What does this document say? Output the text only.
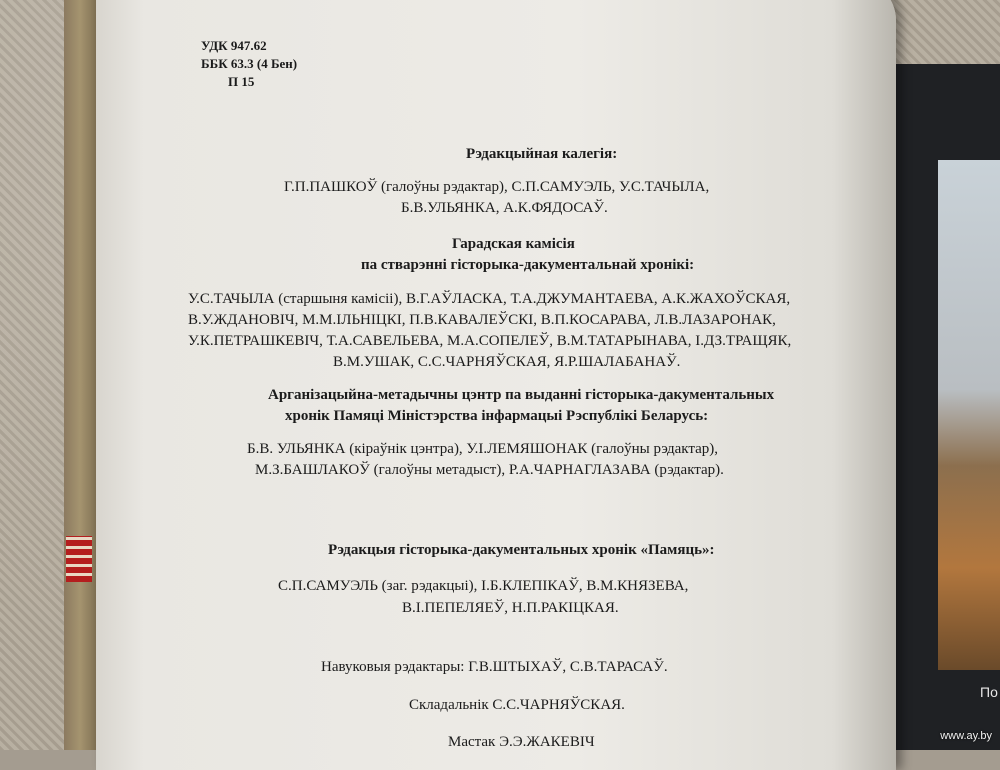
По
УДК 947.62
ББК 63.3 (4 Бен)
П 15
Рэдакцыйная калегія:
Г.П.ПАШКОЎ (галоўны рэдактар), С.П.САМУЭЛЬ, У.С.ТАЧЫЛА,
Б.В.УЛЬЯНКА, А.К.ФЯДОСАЎ.
Гарадская камісія
па стварэнні гісторыка-дакументальнай хронікі:
У.С.ТАЧЫЛА (старшыня камісіі), В.Г.АЎЛАСКА, Т.А.ДЖУМАНТАЕВА, А.К.ЖАХОЎСКАЯ,
В.У.ЖДАНОВІЧ, М.М.ІЛЬНІЦКІ, П.В.КАВАЛЕЎСКІ, В.П.КОСАРАВА, Л.В.ЛАЗАРОНАК,
У.К.ПЕТРАШКЕВІЧ, Т.А.САВЕЛЬЕВА, М.А.СОПЕЛЕЎ, В.М.ТАТАРЫНАВА, І.ДЗ.ТРАЩЯК,
В.М.УШАК, С.С.ЧАРНЯЎСКАЯ, Я.Р.ШАЛАБАНАЎ.
Арганізацыйна-метадычны цэнтр па выданні гісторыка-дакументальных
хронік Памяці Міністэрства інфармацыі Рэспублікі Беларусь:
Б.В. УЛЬЯНКА (кіраўнік цэнтра), У.І.ЛЕМЯШОНАК (галоўны рэдактар),
М.З.БАШЛАКОЎ (галоўны метадыст), Р.А.ЧАРНАГЛАЗАВА (рэдактар).
Рэдакцыя гісторыка-дакументальных хронік «Памяць»:
С.П.САМУЭЛЬ (заг. рэдакцыі), І.Б.КЛЕПІКАЎ, В.М.КНЯЗЕВА,
В.І.ПЕПЕЛЯЕЎ, Н.П.РАКІЦКАЯ.
Навуковыя рэдактары: Г.В.ШТЫХАЎ, С.В.ТАРАСАЎ.
Складальнік С.С.ЧАРНЯЎСКАЯ.
Мастак Э.Э.ЖАКЕВІЧ	www.ay.by
